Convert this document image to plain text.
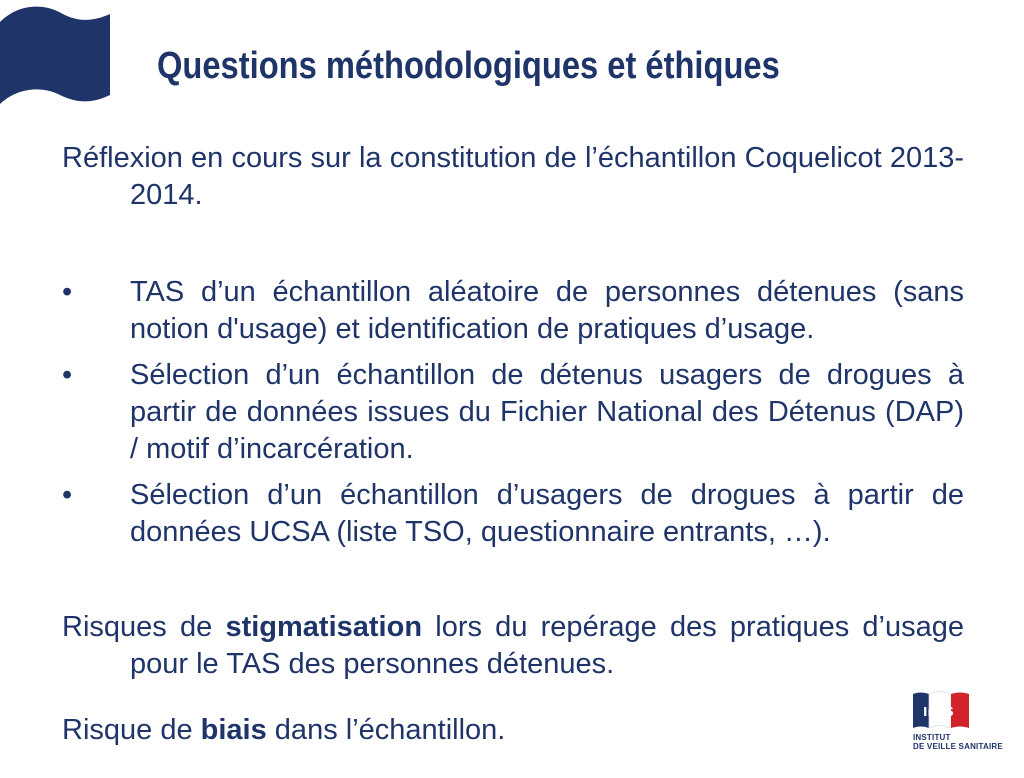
Questions méthodologiques et éthiques

Réflexion en cours sur la constitution de l’échantillon Coquelicot 2013-2014.

•	TAS d’un échantillon aléatoire de personnes détenues (sans notion d'usage) et identification de pratiques d’usage.
•	Sélection d’un échantillon de détenus usagers de drogues à partir de données issues du Fichier National des Détenus (DAP) / motif d’incarcération.
•	Sélection d’un échantillon d’usagers de drogues à partir de données UCSA (liste TSO, questionnaire entrants, …).

Risques de stigmatisation lors du repérage des pratiques d’usage pour le TAS des personnes détenues.

Risque de biais dans l’échantillon.

InVS
INSTITUT
DE VEILLE SANITAIRE
